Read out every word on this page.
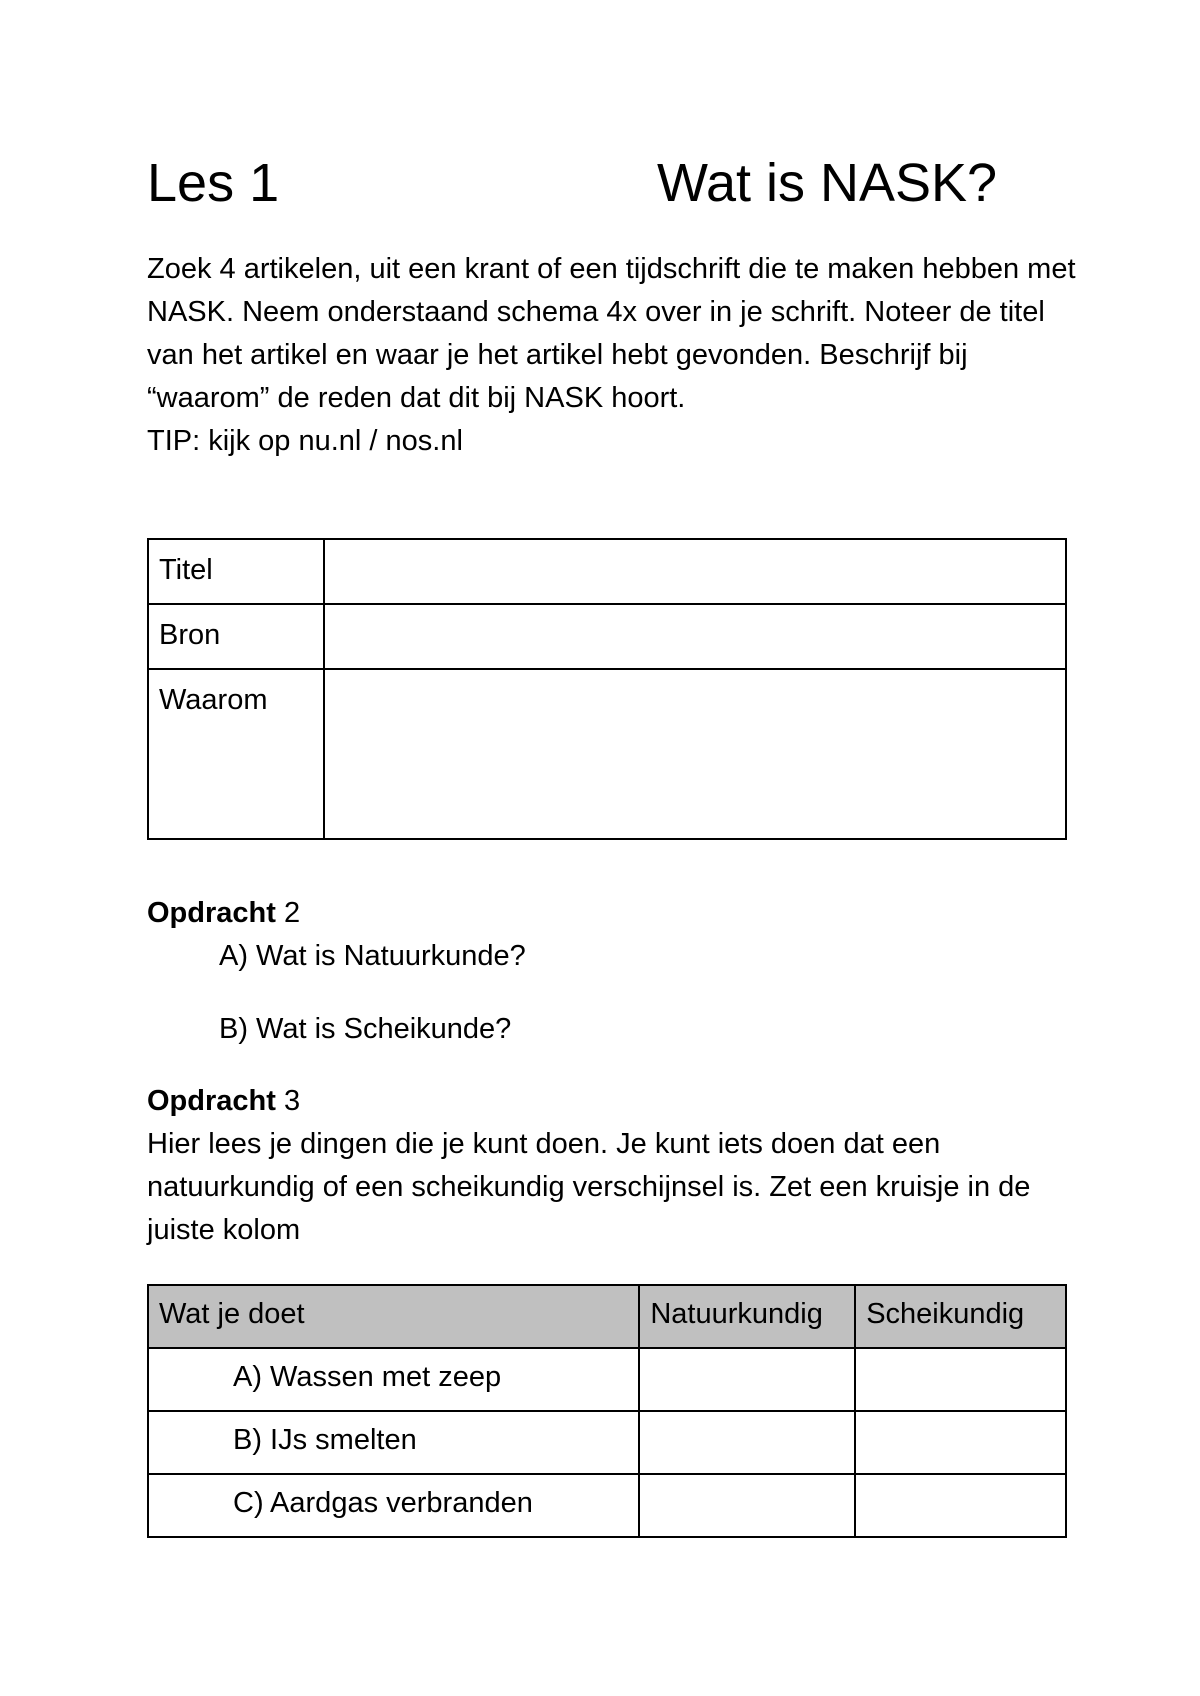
Les 1	Wat is NASK?

Zoek 4 artikelen, uit een krant of een tijdschrift die te maken hebben met NASK. Neem onderstaand schema 4x over in je schrift. Noteer de titel van het artikel en waar je het artikel hebt gevonden. Beschrijf bij “waarom” de reden dat dit bij NASK hoort.

TIP: kijk op nu.nl / nos.nl

Titel	
Bron	
Waarom	
Opdracht 2
A) Wat is Natuurkunde?
B) Wat is Scheikunde?
Opdracht 3

Hier lees je dingen die je kunt doen. Je kunt iets doen dat een natuurkundig of een scheikundig verschijnsel is. Zet een kruisje in de juiste kolom

Wat je doet	Natuurkundig	Scheikundig
A) Wassen met zeep		
B) IJs smelten		
C) Aardgas verbranden		
